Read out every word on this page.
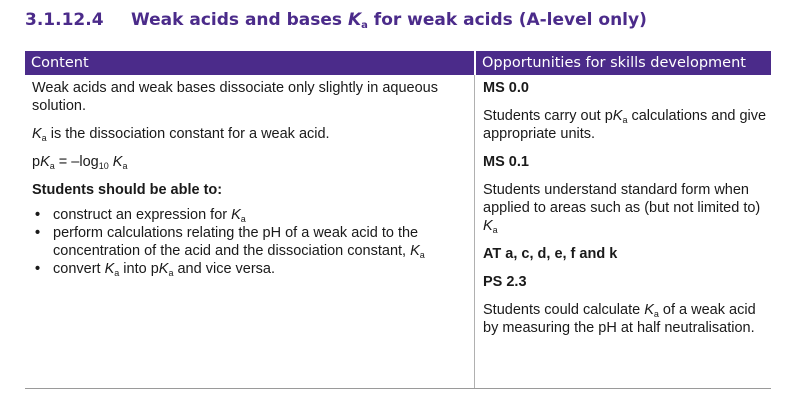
3.1.12.4 Weak acids and bases $K_a$ for weak acids (A-level only)
Content	Opportunities for skills development

Weak acids and weak bases dissociate only slightly in aqueous solution.

$K_a$ is the dissociation constant for a weak acid.

$pK_a = -\log_{10}$ $K_a$

Students should be able to:

• construct an expression for $K_a$

• perform calculations relating the pH of a weak acid to the concentration of the acid and the dissociation constant, $K_a$

• convert $K_a$ into $pK_a$ and vice versa.

MS 0.0

Students carry out $pK_a$ calculations and give appropriate units.

MS 0.1

Students understand standard form when applied to areas such as (but not limited to) $K_a$

AT a, c, d, e, f and k

PS 2.3

Students could calculate $K_a$ of a weak acid by measuring the pH at half neutralisation.
